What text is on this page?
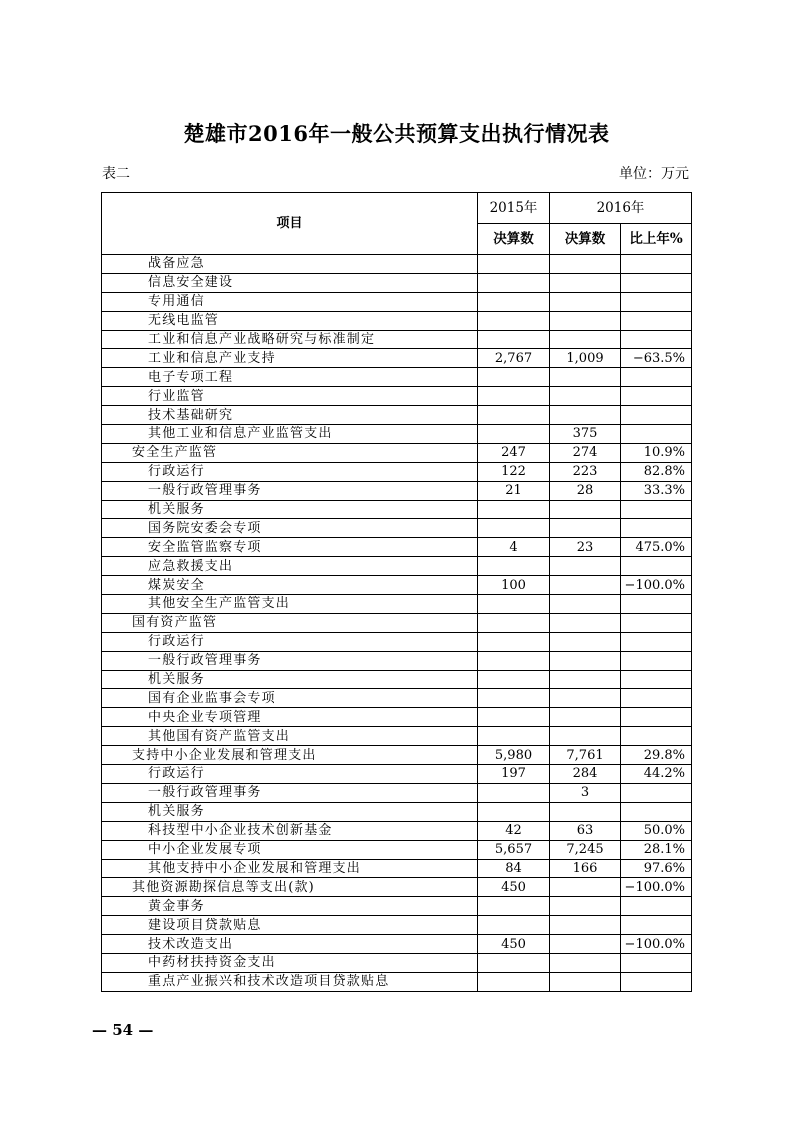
楚雄市2016年一般公共预算支出执行情况表
表二	单位：万元
项目	2015年	2016年	
	决算数	决算数	比上年%
战备应急			
信息安全建设			
专用通信			
无线电监管			
工业和信息产业战略研究与标准制定			
工业和信息产业支持	2,767	1,009	−63.5%
电子专项工程			
行业监管			
技术基础研究			
其他工业和信息产业监管支出		375	
安全生产监管	247	274	10.9%
行政运行	122	223	82.8%
一般行政管理事务	21	28	33.3%
机关服务			
国务院安委会专项			
安全监管监察专项	4	23	475.0%
应急救援支出			
煤炭安全	100		−100.0%
其他安全生产监管支出			
国有资产监管			
行政运行			
一般行政管理事务			
机关服务			
国有企业监事会专项			
中央企业专项管理			
其他国有资产监管支出			
支持中小企业发展和管理支出	5,980	7,761	29.8%
行政运行	197	284	44.2%
一般行政管理事务		3	
机关服务			
科技型中小企业技术创新基金	42	63	50.0%
中小企业发展专项	5,657	7,245	28.1%
其他支持中小企业发展和管理支出	84	166	97.6%
其他资源勘探信息等支出(款)	450		−100.0%
黄金事务			
建设项目贷款贴息			
技术改造支出	450		−100.0%
中药材扶持资金支出			
重点产业振兴和技术改造项目贷款贴息			
— 54 —
